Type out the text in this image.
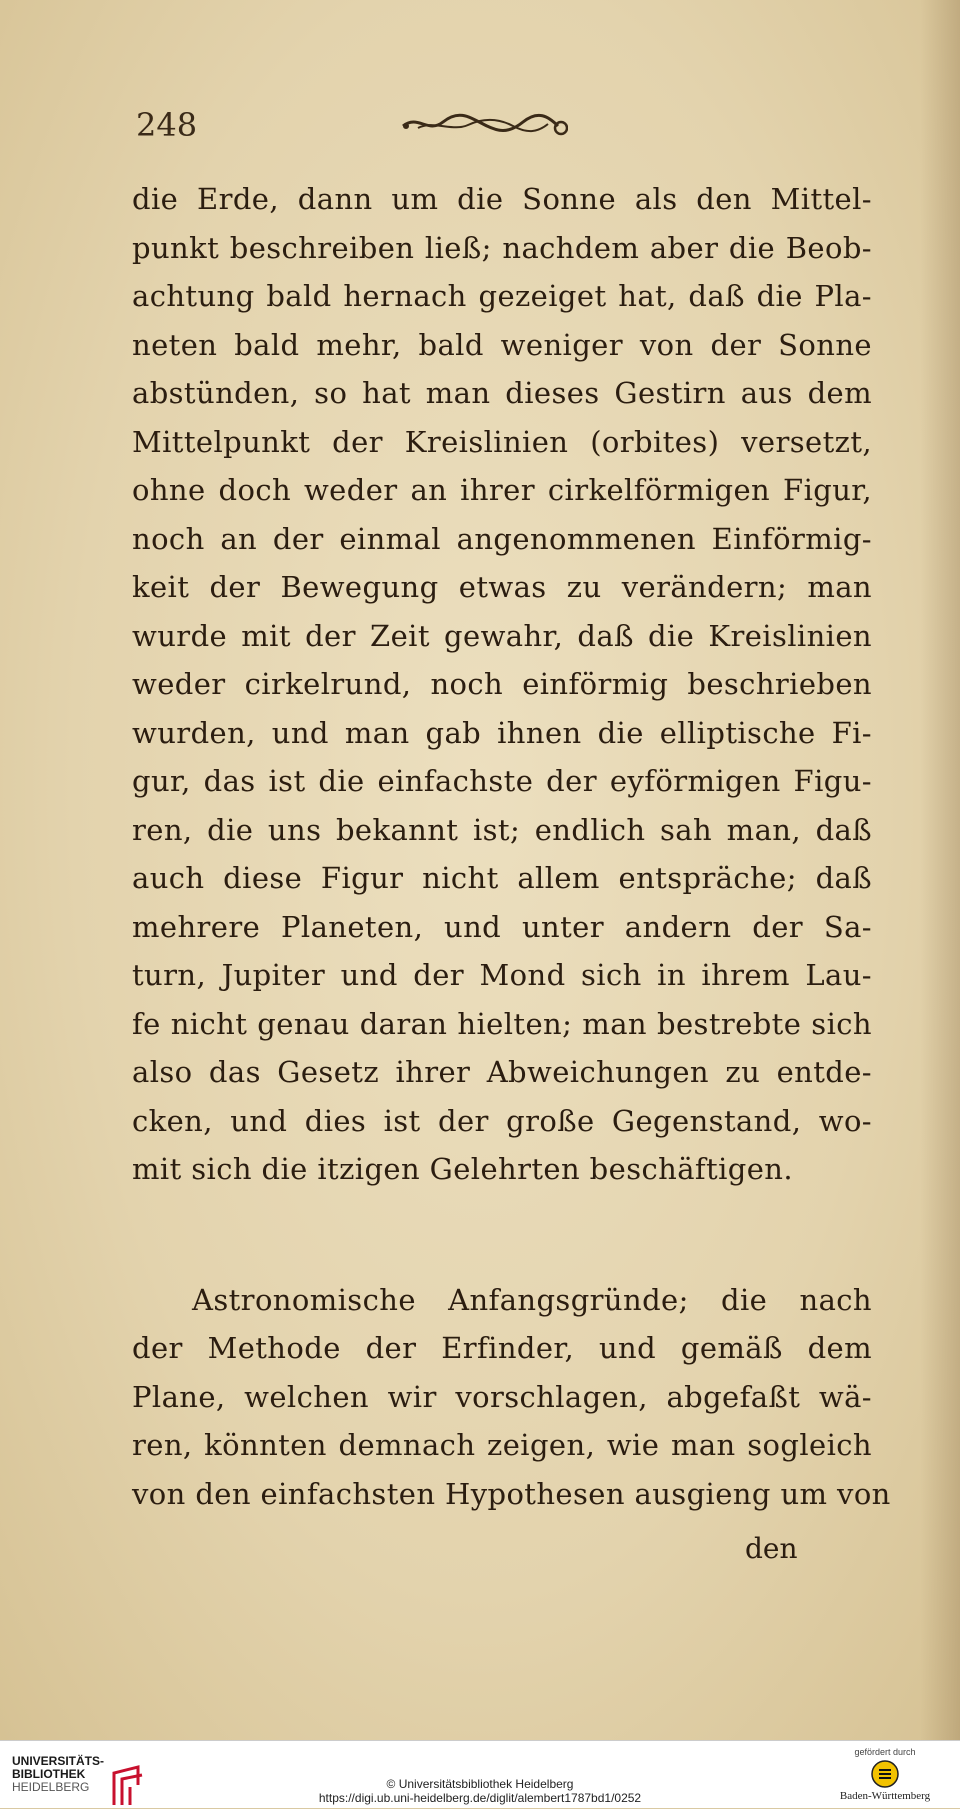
248
die Erde, dann um die Sonne als den Mittel-
punkt beschreiben ließ; nachdem aber die Beob-
achtung bald hernach gezeiget hat, daß die Pla-
neten bald mehr, bald weniger von der Sonne
abstünden, so hat man dieses Gestirn aus dem
Mittelpunkt der Kreislinien (orbites) versetzt,
ohne doch weder an ihrer cirkelförmigen Figur,
noch an der einmal angenommenen Einförmig-
keit der Bewegung etwas zu verändern; man
wurde mit der Zeit gewahr, daß die Kreislinien
weder cirkelrund, noch einförmig beschrieben
wurden, und man gab ihnen die elliptische Fi-
gur, das ist die einfachste der eyförmigen Figu-
ren, die uns bekannt ist; endlich sah man, daß
auch diese Figur nicht allem entspräche; daß
mehrere Planeten, und unter andern der Sa-
turn, Jupiter und der Mond sich in ihrem Lau-
fe nicht genau daran hielten; man bestrebte sich
also das Gesetz ihrer Abweichungen zu entde-
cken, und dies ist der große Gegenstand, wo-
mit sich die itzigen Gelehrten beschäftigen.
Astronomische Anfangsgründe; die nach
der Methode der Erfinder, und gemäß dem
Plane, welchen wir vorschlagen, abgefaßt wä-
ren, könnten demnach zeigen, wie man sogleich
von den einfachsten Hypothesen ausgieng um von
den
UNIVERSITÄTS-
BIBLIOTHEK
HEIDELBERG	© Universitätsbibliothek Heidelberg
https://digi.ub.uni-heidelberg.de/diglit/alembert1787bd1/0252
gefördert durch
Baden-Württemberg
